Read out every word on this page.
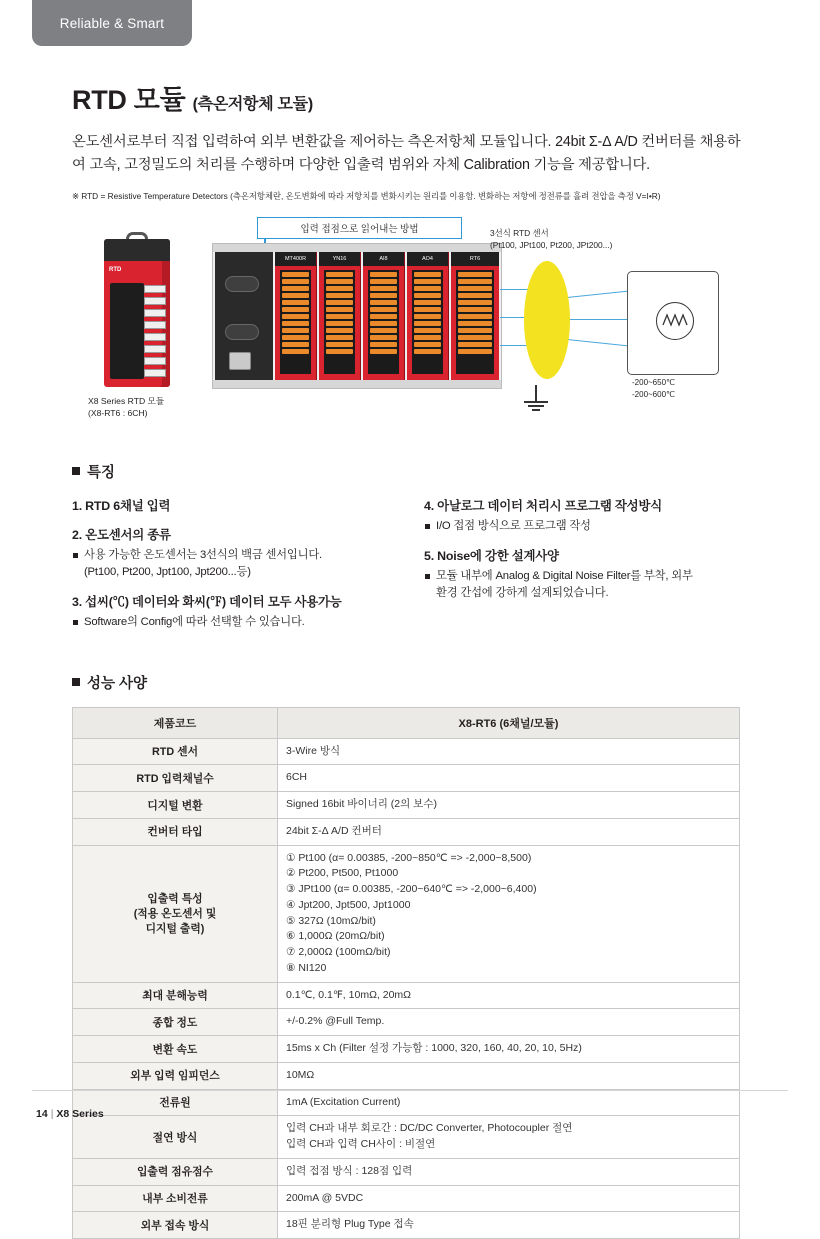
Reliable & Smart
RTD 모듈 (측온저항체 모듈)

온도센서로부터 직접 입력하여 외부 변환값을 제어하는 측온저항체 모듈입니다. 24bit Σ-Δ A/D 컨버터를 채용하여 고속, 고정밀도의 처리를 수행하며 다양한 입출력 범위와 자체 Calibration 기능을 제공합니다.

※ RTD = Resistive Temperature Detectors (측온저항체란, 온도변화에 따라 저항치를 변화시키는 원리를 이용함. 변화하는 저항에 정전류를 흘려 전압을 측정 V=I•R)

입력 접점으로 읽어내는 방법
RTD
X8 Series RTD 모듈
(X8-RT6 : 6CH)
MT400R	YN16	AI8	AO4	RT6
3선식 RTD 센서
(Pt100, JPt100, Pt200, JPt200...)
-200~650℃
-200~600℃
특징
1. RTD 6채널 입력
2. 온도센서의 종류
사용 가능한 온도센서는 3선식의 백금 센서입니다.
(Pt100, Pt200, Jpt100, Jpt200...등)
3. 섭씨(℃) 데이터와 화씨(℉) 데이터 모두 사용가능
Software의 Config에 따라 선택할 수 있습니다.
4. 아날로그 데이터 처리시 프로그램 작성방식
I/O 접점 방식으로 프로그램 작성
5. Noise에 강한 설계사양
모듈 내부에 Analog & Digital Noise Filter를 부착, 외부
환경 간섭에 강하게 설계되었습니다.
성능 사양
제품코드	X8-RT6 (6채널/모듈)
RTD 센서	3-Wire 방식
RTD 입력채널수	6CH
디지털 변환	Signed 16bit 바이너리 (2의 보수)
컨버터 타입	24bit Σ-Δ A/D 컨버터
입출력 특성
(적용 온도센서 및
디지털 출력)	① Pt100 (α= 0.00385, -200~850℃ => -2,000~8,500)
② Pt200, Pt500, Pt1000
③ JPt100 (α= 0.00385, -200~640℃ => -2,000~6,400)
④ Jpt200, Jpt500, Jpt1000
⑤ 327Ω (10mΩ/bit)
⑥ 1,000Ω (20mΩ/bit)
⑦ 2,000Ω (100mΩ/bit)
⑧ NI120
최대 분해능력	0.1℃, 0.1℉, 10mΩ, 20mΩ
종합 정도	+/-0.2% @Full Temp.
변환 속도	15ms x Ch (Filter 설정 가능함 : 1000, 320, 160, 40, 20, 10, 5Hz)
외부 입력 임피던스	10MΩ
전류원	1mA (Excitation Current)
절연 방식	입력 CH과 내부 회로간 : DC/DC Converter, Photocoupler 절연
입력 CH과 입력 CH사이 : 비절연
입출력 점유점수	입력 접점 방식 : 128점 입력
내부 소비전류	200mA @ 5VDC
외부 접속 방식	18핀 분리형 Plug Type 접속
14 | X8 Series
